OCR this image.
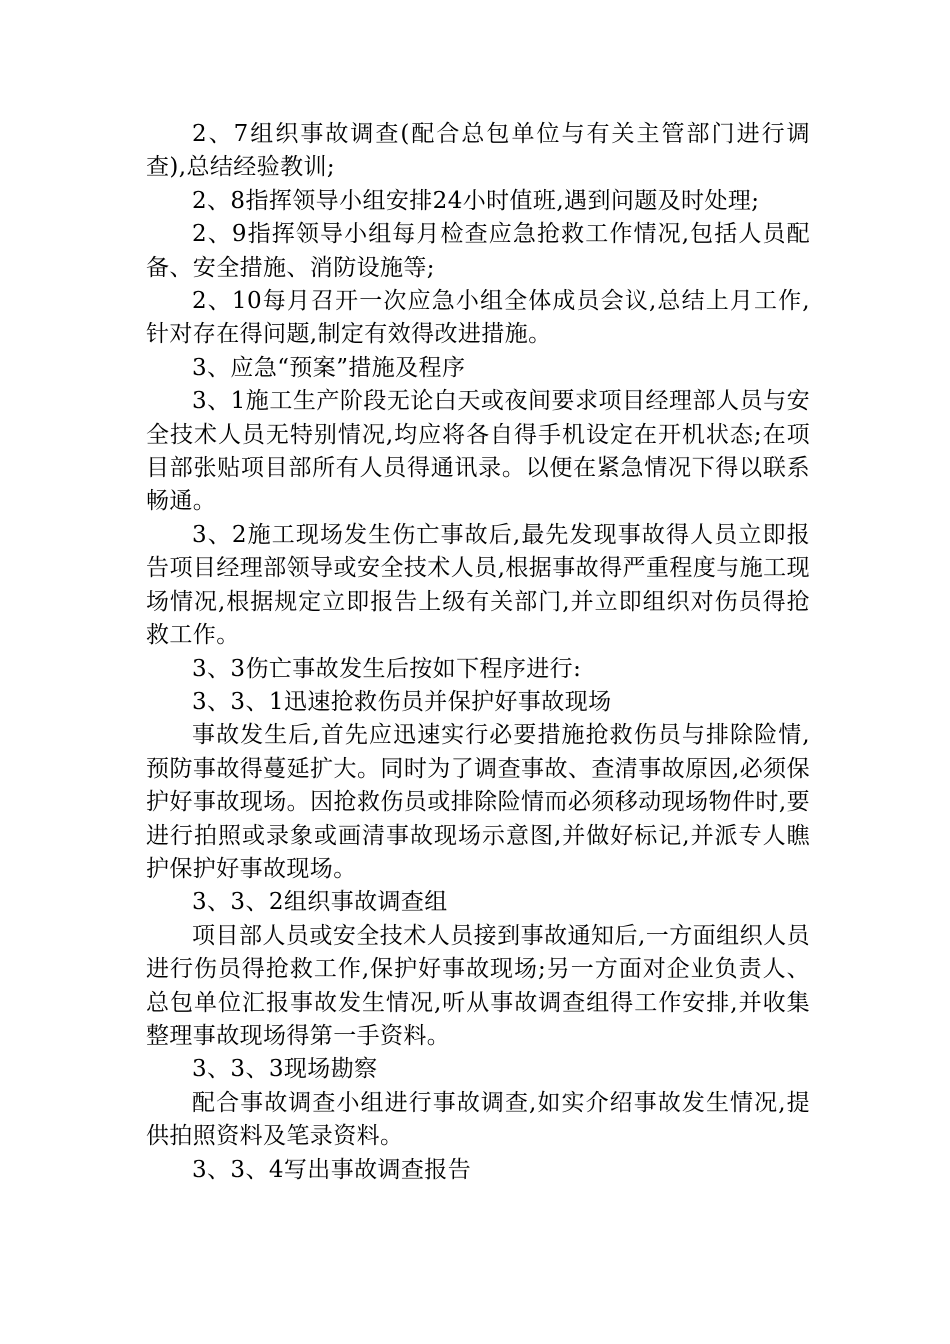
2、7组织事故调查(配合总包单位与有关主管部门进行调查),总结经验教训;

2、8指挥领导小组安排24小时值班,遇到问题及时处理;

2、9指挥领导小组每月检查应急抢救工作情况,包括人员配备、安全措施、消防设施等;

2、10每月召开一次应急小组全体成员会议,总结上月工作,针对存在得问题,制定有效得改进措施。

3、应急“预案”措施及程序

3、1施工生产阶段无论白天或夜间要求项目经理部人员与安全技术人员无特别情况,均应将各自得手机设定在开机状态;在项目部张贴项目部所有人员得通讯录。以便在紧急情况下得以联系畅通。

3、2施工现场发生伤亡事故后,最先发现事故得人员立即报告项目经理部领导或安全技术人员,根据事故得严重程度与施工现场情况,根据规定立即报告上级有关部门,并立即组织对伤员得抢救工作。

3、3伤亡事故发生后按如下程序进行:

3、3、1迅速抢救伤员并保护好事故现场

事故发生后,首先应迅速实行必要措施抢救伤员与排除险情,预防事故得蔓延扩大。同时为了调查事故、查清事故原因,必须保护好事故现场。因抢救伤员或排除险情而必须移动现场物件时,要进行拍照或录象或画清事故现场示意图,并做好标记,并派专人瞧护保护好事故现场。

3、3、2组织事故调查组

项目部人员或安全技术人员接到事故通知后,一方面组织人员进行伤员得抢救工作,保护好事故现场;另一方面对企业负责人、总包单位汇报事故发生情况,听从事故调查组得工作安排,并收集整理事故现场得第一手资料。

3、3、3现场勘察

配合事故调查小组进行事故调查,如实介绍事故发生情况,提供拍照资料及笔录资料。

3、3、4写出事故调查报告
